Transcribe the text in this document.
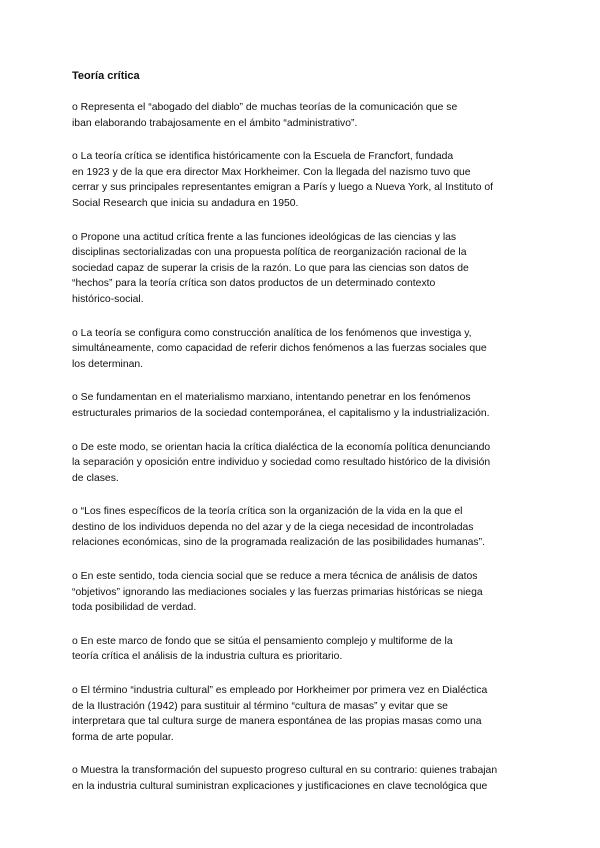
Teoría crítica
o Representa el “abogado del diablo” de muchas teorías de la comunicación que se
iban elaborando trabajosamente en el ámbito “administrativo”.
o La teoría crítica se identifica históricamente con la Escuela de Francfort, fundada
en 1923 y de la que era director Max Horkheimer. Con la llegada del nazismo tuvo que
cerrar y sus principales representantes emigran a París y luego a Nueva York, al Instituto of
Social Research que inicia su andadura en 1950.
o Propone una actitud crítica frente a las funciones ideológicas de las ciencias y las
disciplinas sectorializadas con una propuesta política de reorganización racional de la
sociedad capaz de superar la crisis de la razón. Lo que para las ciencias son datos de
“hechos” para la teoría crítica son datos productos de un determinado contexto
histórico-social.
o La teoría se configura como construcción analítica de los fenómenos que investiga y,
simultáneamente, como capacidad de referir dichos fenómenos a las fuerzas sociales que
los determinan.
o Se fundamentan en el materialismo marxiano, intentando penetrar en los fenómenos
estructurales primarios de la sociedad contemporánea, el capitalismo y la industrialización.
o De este modo, se orientan hacia la crítica dialéctica de la economía política denunciando
la separación y oposición entre individuo y sociedad como resultado histórico de la división
de clases.
o “Los fines específicos de la teoría crítica son la organización de la vida en la que el
destino de los individuos dependa no del azar y de la ciega necesidad de incontroladas
relaciones económicas, sino de la programada realización de las posibilidades humanas”.
o En este sentido, toda ciencia social que se reduce a mera técnica de análisis de datos
“objetivos” ignorando las mediaciones sociales y las fuerzas primarias históricas se niega
toda posibilidad de verdad.
o En este marco de fondo que se sitúa el pensamiento complejo y multiforme de la
teoría crítica el análisis de la industria cultura es prioritario.
o El término “industria cultural” es empleado por Horkheimer por primera vez en Dialéctica
de la Ilustración (1942) para sustituir al término “cultura de masas” y evitar que se
interpretara que tal cultura surge de manera espontánea de las propias masas como una
forma de arte popular.
o Muestra la transformación del supuesto progreso cultural en su contrario: quienes trabajan
en la industria cultural suministran explicaciones y justificaciones en clave tecnológica que
